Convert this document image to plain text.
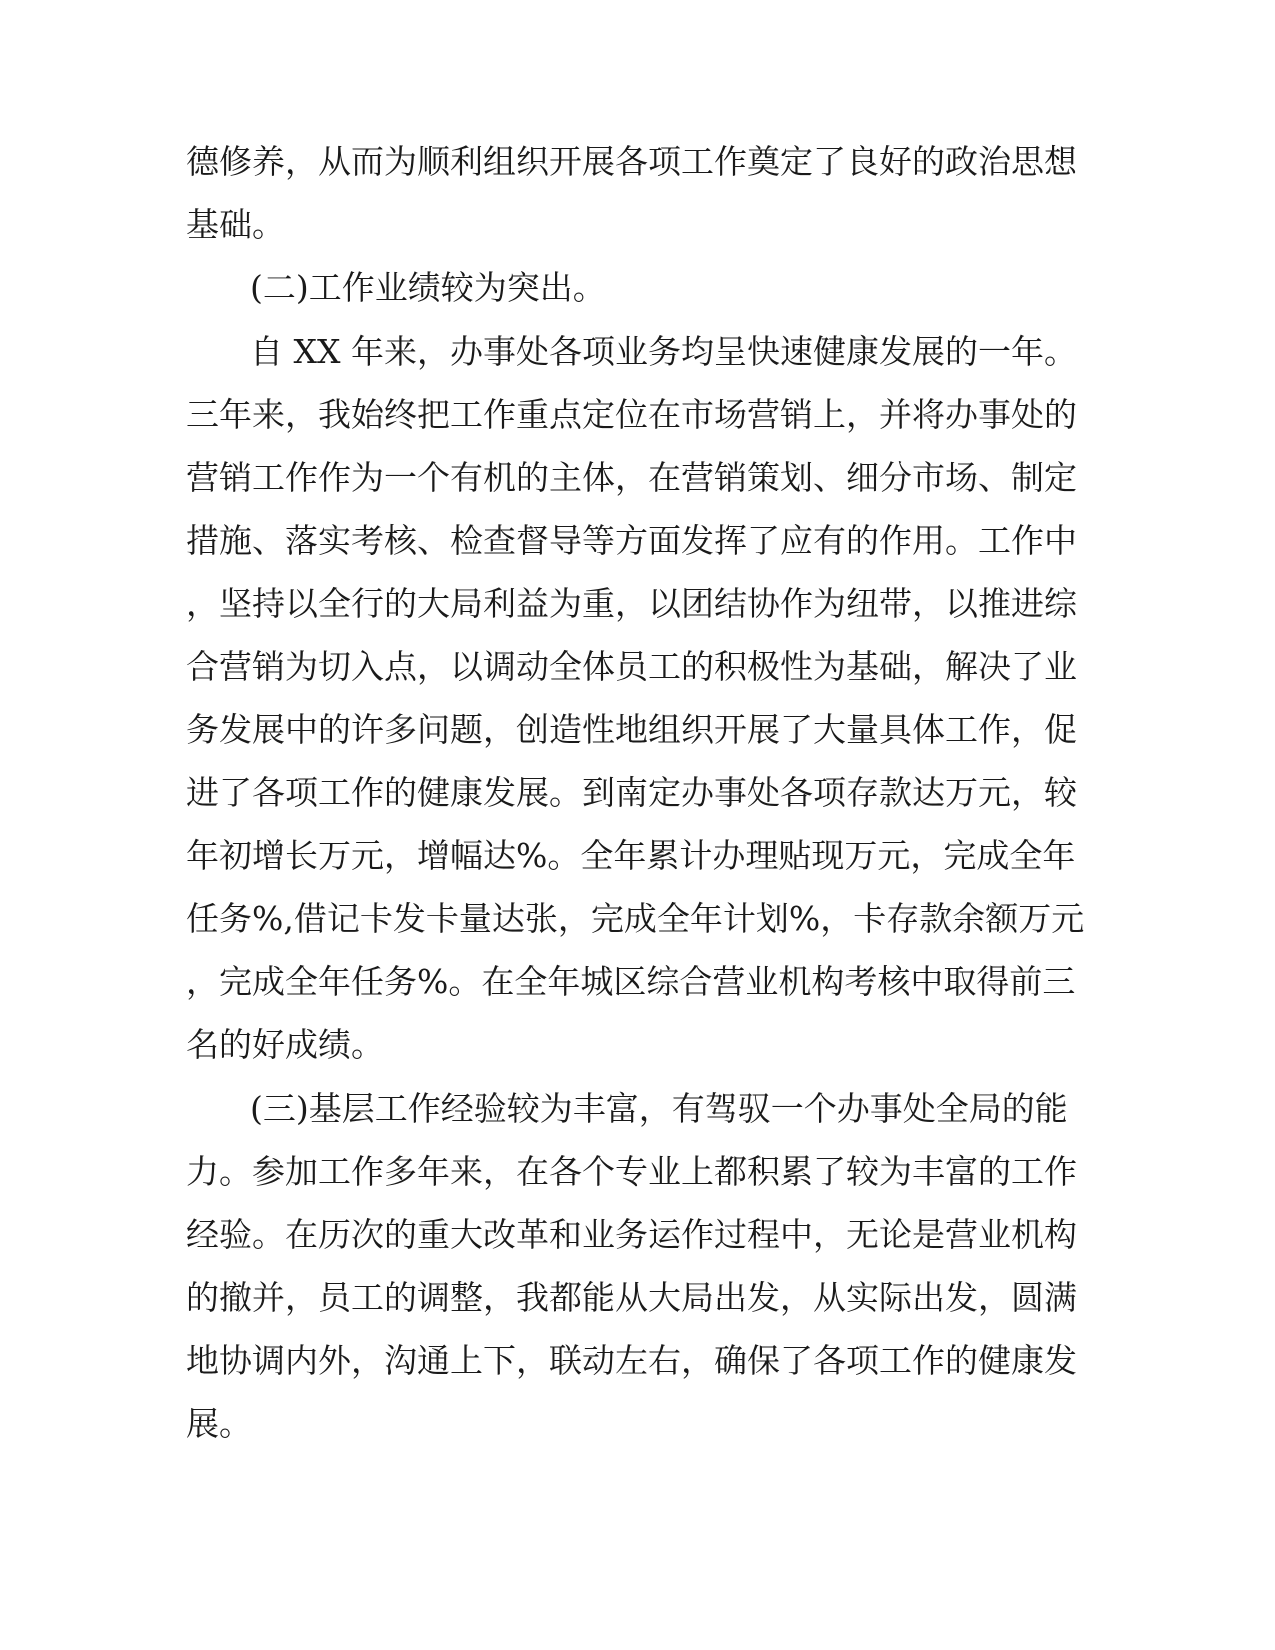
德修养，从而为顺利组织开展各项工作奠定了良好的政治思想
基础。
(二)工作业绩较为突出。
自 XX 年来，办事处各项业务均呈快速健康发展的一年。
三年来，我始终把工作重点定位在市场营销上，并将办事处的
营销工作作为一个有机的主体，在营销策划、细分市场、制定
措施、落实考核、检查督导等方面发挥了应有的作用。工作中
，坚持以全行的大局利益为重，以团结协作为纽带，以推进综
合营销为切入点，以调动全体员工的积极性为基础，解决了业
务发展中的许多问题，创造性地组织开展了大量具体工作，促
进了各项工作的健康发展。到南定办事处各项存款达万元，较
年初增长万元，增幅达%。全年累计办理贴现万元，完成全年
任务%,借记卡发卡量达张，完成全年计划%，卡存款余额万元
，完成全年任务%。在全年城区综合营业机构考核中取得前三
名的好成绩。
(三)基层工作经验较为丰富，有驾驭一个办事处全局的能
力。参加工作多年来，在各个专业上都积累了较为丰富的工作
经验。在历次的重大改革和业务运作过程中，无论是营业机构
的撤并，员工的调整，我都能从大局出发，从实际出发，圆满
地协调内外，沟通上下，联动左右，确保了各项工作的健康发
展。
